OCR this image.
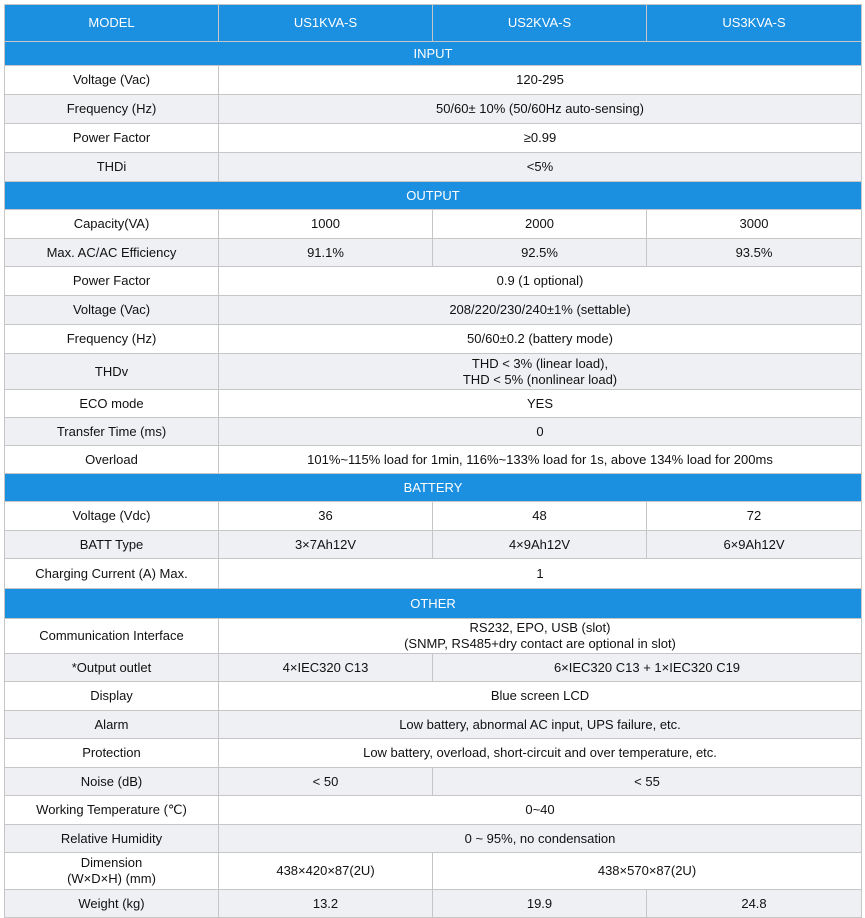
MODEL	US1KVA-S	US2KVA-S	US3KVA-S
INPUT			
Voltage (Vac)	120-295		
Frequency (Hz)	50/60± 10% (50/60Hz auto-sensing)		
Power Factor	≥0.99		
THDi	<5%		
OUTPUT			
Capacity(VA)	1000	2000	3000
Max. AC/AC Efficiency	91.1%	92.5%	93.5%
Power Factor	0.9 (1 optional)		
Voltage (Vac)	208/220/230/240±1% (settable)		
Frequency (Hz)	50/60±0.2 (battery mode)		
THDv	THD < 3% (linear load),
THD < 5% (nonlinear load)		

ECO mode	YES		
Transfer Time (ms)	0		
Overload	101%~115% load for 1min, 116%~133% load for 1s, above 134% load for 200ms		
BATTERY			
Voltage (Vdc)	36	48	72
BATT Type	3×7Ah12V	4×9Ah12V	6×9Ah12V
Charging Current (A) Max.	1		
OTHER			
Communication Interface	RS232, EPO, USB (slot)
(SNMP, RS485+dry contact are optional in slot)		

*Output outlet	4×IEC320 C13	6×IEC320 C13 + 1×IEC320 C19	
Display	Blue screen LCD		
Alarm	Low battery, abnormal AC input, UPS failure, etc.		
Protection	Low battery, overload, short-circuit and over temperature, etc.		
Noise (dB)	< 50	< 55	
Working Temperature (℃)	0~40		
Relative Humidity	0 ~ 95%, no condensation		

Dimension
(W×D×H) (mm)	438×420×87(2U)	438×570×87(2U)	
Weight (kg)	13.2	19.9	24.8
